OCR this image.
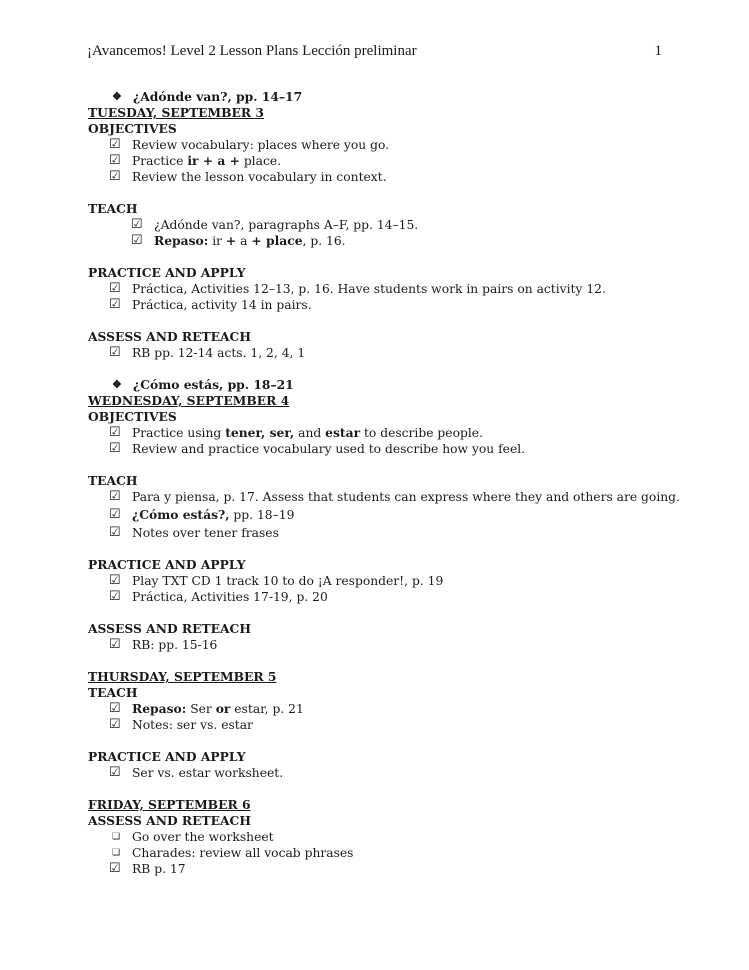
¡Avancemos! Level 2 Lesson Plans Lección preliminar	1
❖ ¿Adónde van?, pp. 14–17
TUESDAY, SEPTEMBER 3
OBJECTIVES
☑ Review vocabulary: places where you go.
☑ Practice ir + a + place.
☑ Review the lesson vocabulary in context.
TEACH
☑ ¿Adónde van?, paragraphs A–F, pp. 14–15.
☑ Repaso: ir + a + place, p. 16.
PRACTICE AND APPLY
☑ Práctica, Activities 12–13, p. 16. Have students work in pairs on activity 12.
☑ Práctica, activity 14 in pairs.
ASSESS AND RETEACH
☑ RB pp. 12-14 acts. 1, 2, 4, 1
❖ ¿Cómo estás, pp. 18–21
WEDNESDAY, SEPTEMBER 4
OBJECTIVES
☑ Practice using tener, ser, and estar to describe people.
☑ Review and practice vocabulary used to describe how you feel.
TEACH
☑ Para y piensa, p. 17. Assess that students can express where they and others are going.
☑ ¿Cómo estás?, pp. 18–19
☑ Notes over tener frases
PRACTICE AND APPLY
☑ Play TXT CD 1 track 10 to do ¡A responder!, p. 19
☑ Práctica, Activities 17-19, p. 20
ASSESS AND RETEACH
☑ RB: pp. 15-16
THURSDAY, SEPTEMBER 5
TEACH
☑ Repaso: Ser or estar, p. 21
☑ Notes: ser vs. estar
PRACTICE AND APPLY
☑ Ser vs. estar worksheet.
FRIDAY, SEPTEMBER 6
ASSESS AND RETEACH
❑ Go over the worksheet
❑ Charades: review all vocab phrases
☑ RB p. 17
